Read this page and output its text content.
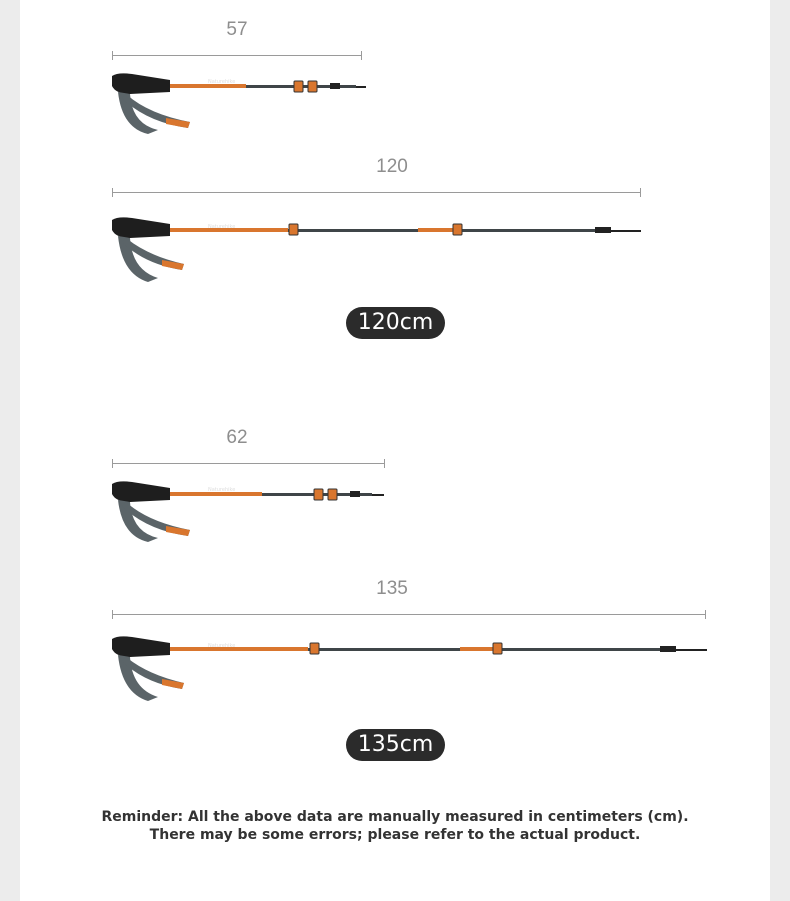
57
Naturehike
120
Naturehike
120cm
62
Naturehike
135
Naturehike
135cm
Reminder: All the above data are manually measured in centimeters (cm).
There may be some errors; please refer to the actual product.
